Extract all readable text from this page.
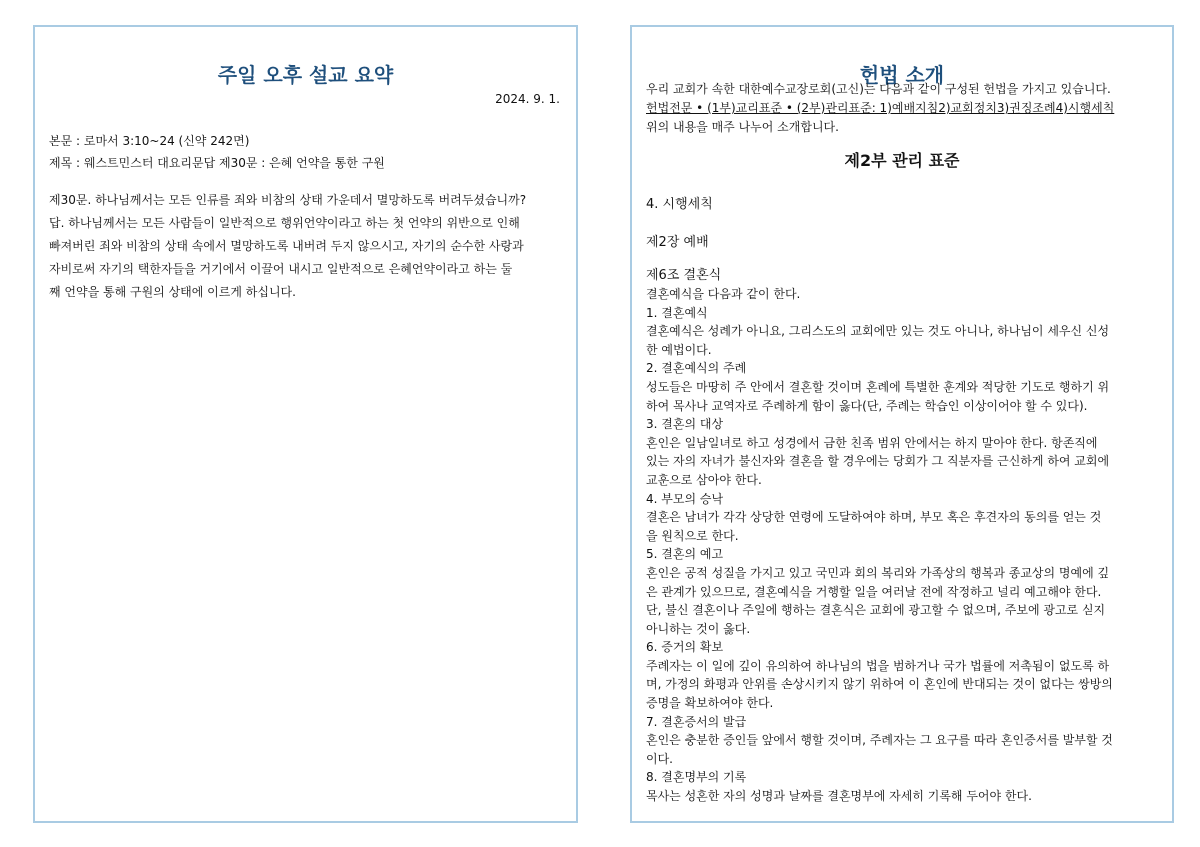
주일 오후 설교 요약
2024. 9. 1.

본문 : 로마서 3:10~24 (신약 242면)

제목 : 웨스트민스터 대요리문답 제30문 : 은혜 언약을 통한 구원

제30문. 하나님께서는 모든 인류를 죄와 비참의 상태 가운데서 멸망하도록 버려두셨습니까?
답. 하나님께서는 모든 사람들이 일반적으로 행위언약이라고 하는 첫 언약의 위반으로 인해
빠져버린 죄와 비참의 상태 속에서 멸망하도록 내버려 두지 않으시고, 자기의 순수한 사랑과
자비로써 자기의 택한자들을 거기에서 이끌어 내시고 일반적으로 은혜언약이라고 하는 둘
째 언약을 통해 구원의 상태에 이르게 하십니다.

헌법 소개

우리 교회가 속한 대한예수교장로회(고신)는 다음과 같이 구성된 헌법을 가지고 있습니다.

헌법전문 • (1부)교리표준 • (2부)관리표준: 1)예배지침2)교회정치3)권징조례4)시행세칙

위의 내용을 매주 나누어 소개합니다.

제2부 관리 표준

4. 시행세칙

제2장 예배

제6조 결혼식

결혼예식을 다음과 같이 한다.

1. 결혼예식

결혼예식은 성례가 아니요, 그리스도의 교회에만 있는 것도 아니나, 하나님이 세우신 신성

한 예법이다.

2. 결혼예식의 주례

성도들은 마땅히 주 안에서 결혼할 것이며 혼례에 특별한 훈계와 적당한 기도로 행하기 위

하여 목사나 교역자로 주례하게 함이 옳다(단, 주례는 학습인 이상이어야 할 수 있다).

3. 결혼의 대상

혼인은 일남일녀로 하고 성경에서 금한 친족 범위 안에서는 하지 말아야 한다. 항존직에

있는 자의 자녀가 불신자와 결혼을 할 경우에는 당회가 그 직분자를 근신하게 하여 교회에

교훈으로 삼아야 한다.

4. 부모의 승낙

결혼은 남녀가 각각 상당한 연령에 도달하여야 하며, 부모 혹은 후견자의 동의를 얻는 것

을 원칙으로 한다.

5. 결혼의 예고

혼인은 공적 성질을 가지고 있고 국민과 회의 복리와 가족상의 행복과 종교상의 명예에 깊

은 관계가 있으므로, 결혼예식을 거행할 일을 여러날 전에 작정하고 널리 예고해야 한다.

단, 불신 결혼이나 주일에 행하는 결혼식은 교회에 광고할 수 없으며, 주보에 광고로 싣지

아니하는 것이 옳다.

6. 증거의 확보

주례자는 이 일에 깊이 유의하여 하나님의 법을 범하거나 국가 법률에 저촉됨이 없도록 하

며, 가정의 화평과 안위를 손상시키지 않기 위하여 이 혼인에 반대되는 것이 없다는 쌍방의

증명을 확보하여야 한다.

7. 결혼증서의 발급

혼인은 충분한 증인들 앞에서 행할 것이며, 주례자는 그 요구를 따라 혼인증서를 발부할 것

이다.

8. 결혼명부의 기록

목사는 성혼한 자의 성명과 날짜를 결혼명부에 자세히 기록해 두어야 한다.
